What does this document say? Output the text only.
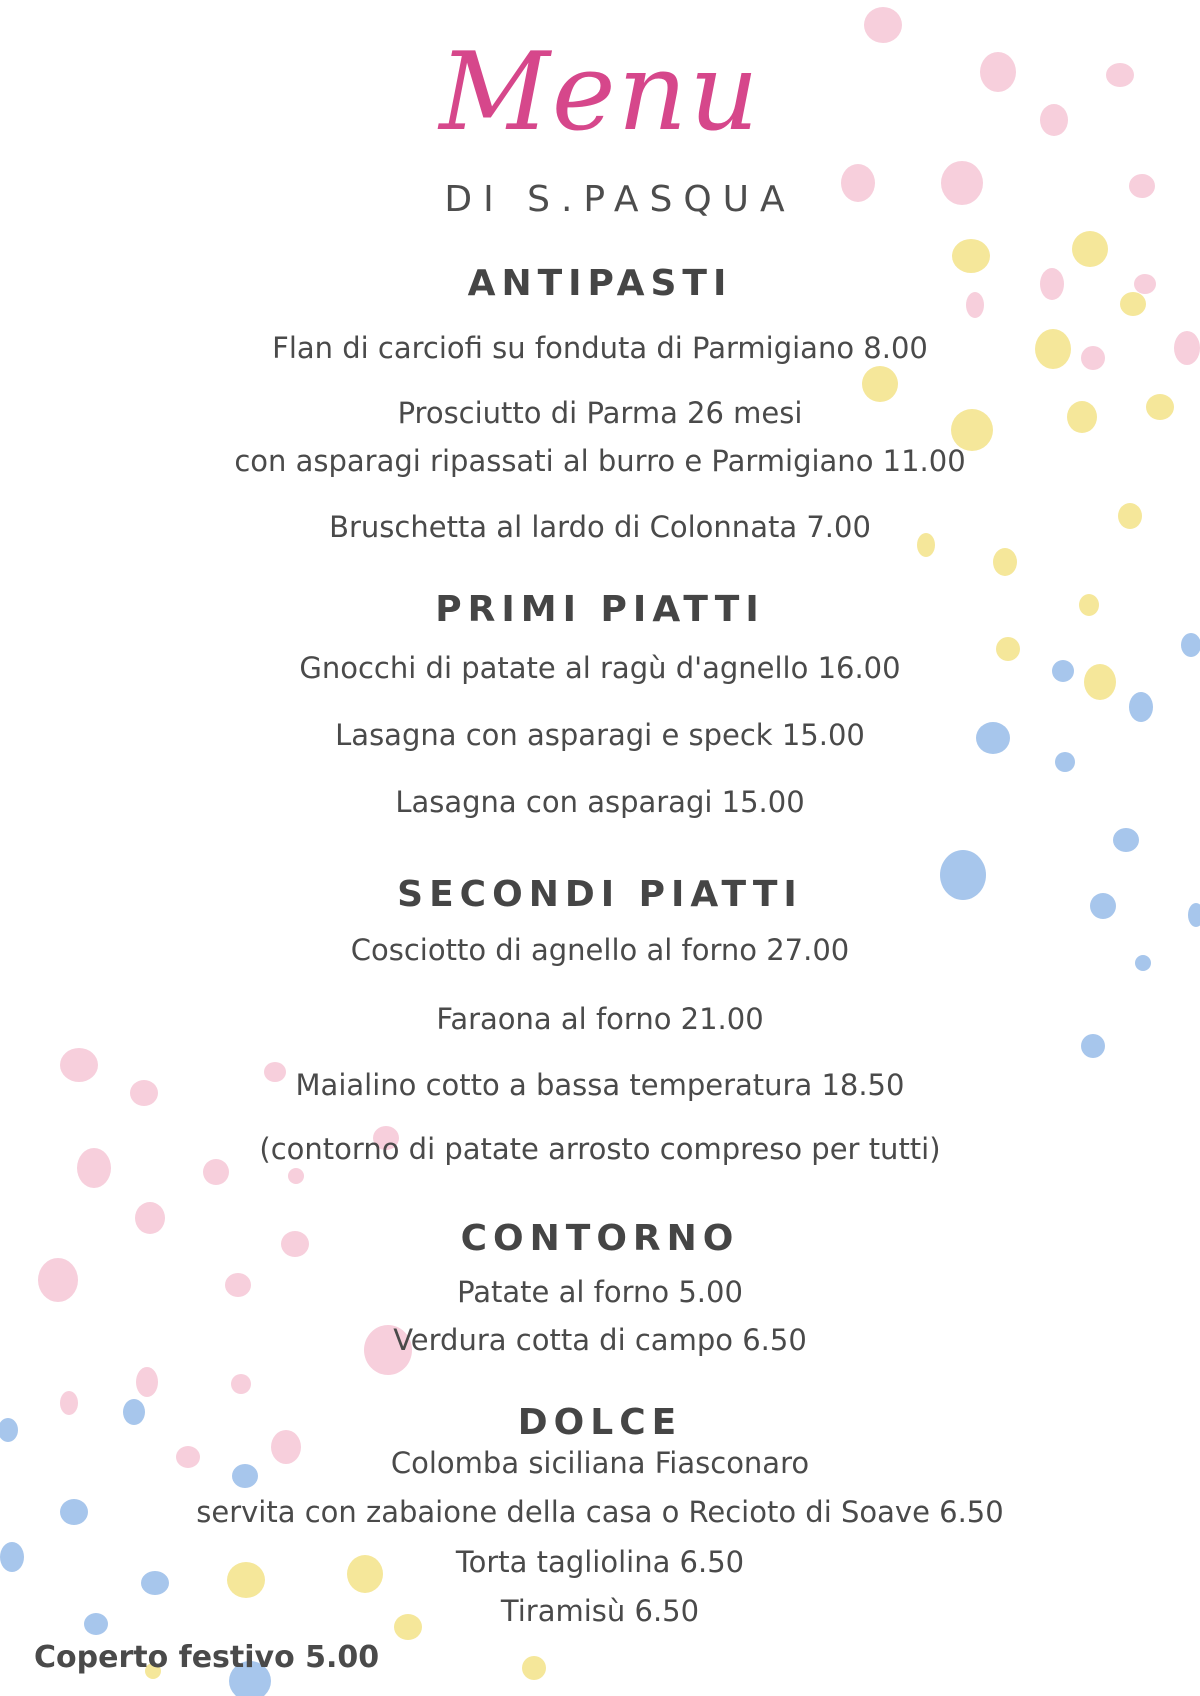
Menu
DI S.PASQUA
ANTIPASTI
Flan di carciofi su fonduta di Parmigiano 8.00
Prosciutto di Parma 26 mesi
con asparagi ripassati al burro e Parmigiano 11.00
Bruschetta al lardo di Colonnata 7.00
PRIMI PIATTI
Gnocchi di patate al ragù d'agnello 16.00
Lasagna con asparagi e speck 15.00
Lasagna con asparagi 15.00
SECONDI PIATTI
Cosciotto di agnello al forno 27.00
Faraona al forno 21.00
Maialino cotto a bassa temperatura 18.50
(contorno di patate arrosto compreso per tutti)
CONTORNO
Patate al forno 5.00
Verdura cotta di campo 6.50
DOLCE
Colomba siciliana Fiasconaro
servita con zabaione della casa o Recioto di Soave 6.50
Torta tagliolina 6.50
Tiramisù 6.50
Coperto festivo 5.00
